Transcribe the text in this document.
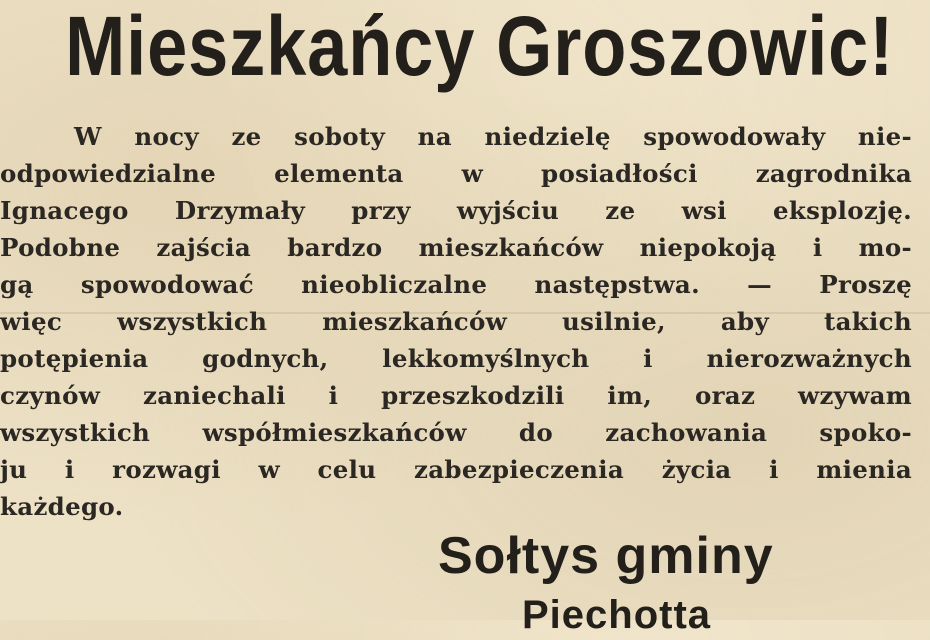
Mieszkańcy Groszowic!
W nocy ze soboty na niedzielę spowodowały nie-
odpowiedzialne elementa w posiadłości zagrodnika
Ignacego Drzymały przy wyjściu ze wsi eksplozję.
Podobne zajścia bardzo mieszkańców niepokoją i mo-
gą spowodować nieobliczalne następstwa. — Proszę
więc wszystkich mieszkańców usilnie, aby takich
potępienia godnych, lekkomyślnych i nierozważnych
czynów zaniechali i przeszkodzili im, oraz wzywam
wszystkich współmieszkańców do zachowania spoko-
ju i rozwagi w celu zabezpieczenia życia i mienia
każdego.
Sołtys gminy
Piechotta
